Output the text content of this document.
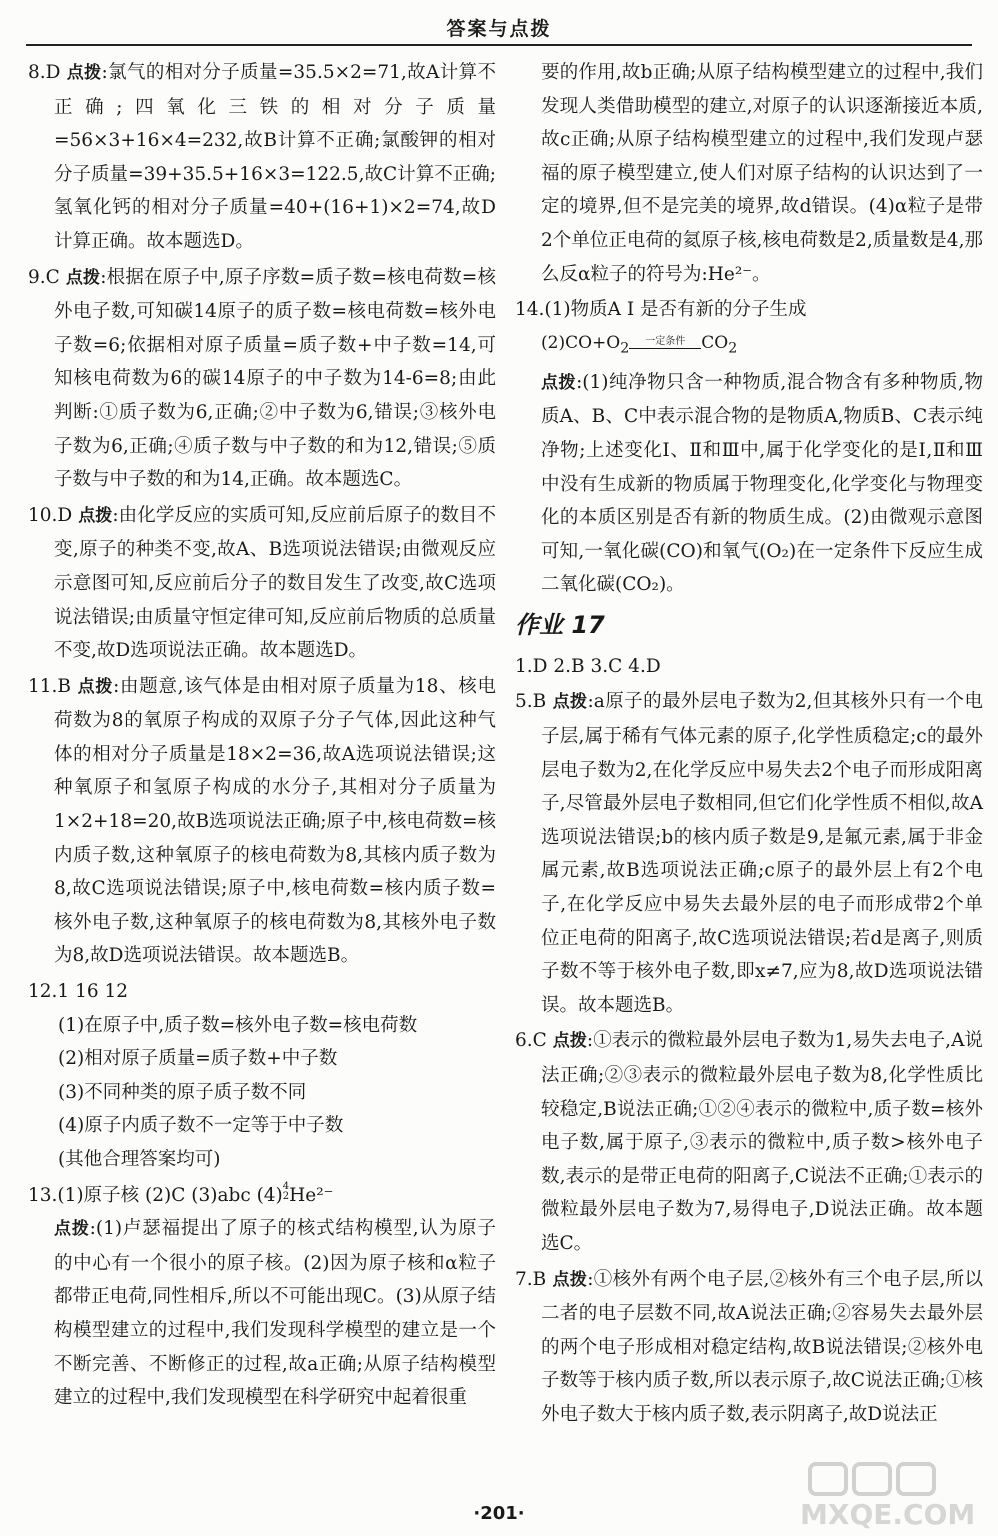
答案与点拨
8.D 点拨:氯气的相对分子质量=35.5×2=71,故A计算不正确;四氧化三铁的相对分子质量=56×3+16×4=232,故B计算不正确;氯酸钾的相对分子质量=39+35.5+16×3=122.5,故C计算不正确;氢氧化钙的相对分子质量=40+(16+1)×2=74,故D计算正确。故本题选D。
9.C 点拨:根据在原子中,原子序数=质子数=核电荷数=核外电子数,可知碳14原子的质子数=核电荷数=核外电子数=6;依据相对原子质量=质子数+中子数=14,可知核电荷数为6的碳14原子的中子数为14-6=8;由此判断:①质子数为6,正确;②中子数为6,错误;③核外电子数为6,正确;④质子数与中子数的和为12,错误;⑤质子数与中子数的和为14,正确。故本题选C。
10.D 点拨:由化学反应的实质可知,反应前后原子的数目不变,原子的种类不变,故A、B选项说法错误;由微观反应示意图可知,反应前后分子的数目发生了改变,故C选项说法错误;由质量守恒定律可知,反应前后物质的总质量不变,故D选项说法正确。故本题选D。
11.B 点拨:由题意,该气体是由相对原子质量为18、核电荷数为8的氧原子构成的双原子分子气体,因此这种气体的相对分子质量是18×2=36,故A选项说法错误;这种氧原子和氢原子构成的水分子,其相对分子质量为1×2+18=20,故B选项说法正确;原子中,核电荷数=核内质子数,这种氧原子的核电荷数为8,其核内质子数为8,故C选项说法错误;原子中,核电荷数=核内质子数=核外电子数,这种氧原子的核电荷数为8,其核外电子数为8,故D选项说法错误。故本题选B。
12.1 16 12
(1)在原子中,质子数=核外电子数=核电荷数
(2)相对原子质量=质子数+中子数
(3)不同种类的原子质子数不同
(4)原子内质子数不一定等于中子数
(其他合理答案均可)
13.(1)原子核 (2)C (3)abc (4)4
2He²⁻
点拨:(1)卢瑟福提出了原子的核式结构模型,认为原子的中心有一个很小的原子核。(2)因为原子核和α粒子都带正电荷,同性相斥,所以不可能出现C。(3)从原子结构模型建立的过程中,我们发现科学模型的建立是一个不断完善、不断修正的过程,故a正确;从原子结构模型建立的过程中,我们发现模型在科学研究中起着很重
要的作用,故b正确;从原子结构模型建立的过程中,我们发现人类借助模型的建立,对原子的认识逐渐接近本质,故c正确;从原子结构模型建立的过程中,我们发现卢瑟福的原子模型建立,使人们对原子结构的认识达到了一定的境界,但不是完美的境界,故d错误。(4)α粒子是带2个单位正电荷的氦原子核,核电荷数是2,质量数是4,那么反α粒子的符号为:He²⁻。
14.(1)物质A Ⅰ 是否有新的分子生成
$(2)CO+O_2$ 一定条件 $CO_2$
点拨:(1)纯净物只含一种物质,混合物含有多种物质,物质A、B、C中表示混合物的是物质A,物质B、C表示纯净物;上述变化Ⅰ、Ⅱ和Ⅲ中,属于化学变化的是Ⅰ,Ⅱ和Ⅲ中没有生成新的物质属于物理变化,化学变化与物理变化的本质区别是否有新的物质生成。(2)由微观示意图可知,一氧化碳(CO)和氧气(O₂)在一定条件下反应生成二氧化碳(CO₂)。
作业 17
1.D 2.B 3.C 4.D
5.B 点拨:a原子的最外层电子数为2,但其核外只有一个电子层,属于稀有气体元素的原子,化学性质稳定;c的最外层电子数为2,在化学反应中易失去2个电子而形成阳离子,尽管最外层电子数相同,但它们化学性质不相似,故A选项说法错误;b的核内质子数是9,是氟元素,属于非金属元素,故B选项说法正确;c原子的最外层上有2个电子,在化学反应中易失去最外层的电子而形成带2个单位正电荷的阳离子,故C选项说法错误;若d是离子,则质子数不等于核外电子数,即x≠7,应为8,故D选项说法错误。故本题选B。
6.C 点拨:①表示的微粒最外层电子数为1,易失去电子,A说法正确;②③表示的微粒最外层电子数为8,化学性质比较稳定,B说法正确;①②④表示的微粒中,质子数=核外电子数,属于原子,③表示的微粒中,质子数>核外电子数,表示的是带正电荷的阳离子,C说法不正确;①表示的微粒最外层电子数为7,易得电子,D说法正确。故本题选C。
7.B 点拨:①核外有两个电子层,②核外有三个电子层,所以二者的电子层数不同,故A说法正确;②容易失去最外层的两个电子形成相对稳定结构,故B说法错误;②核外电子数等于核内质子数,所以表示原子,故C说法正确;①核外电子数大于核内质子数,表示阴离子,故D说法正
·201·	MXQE.COM
